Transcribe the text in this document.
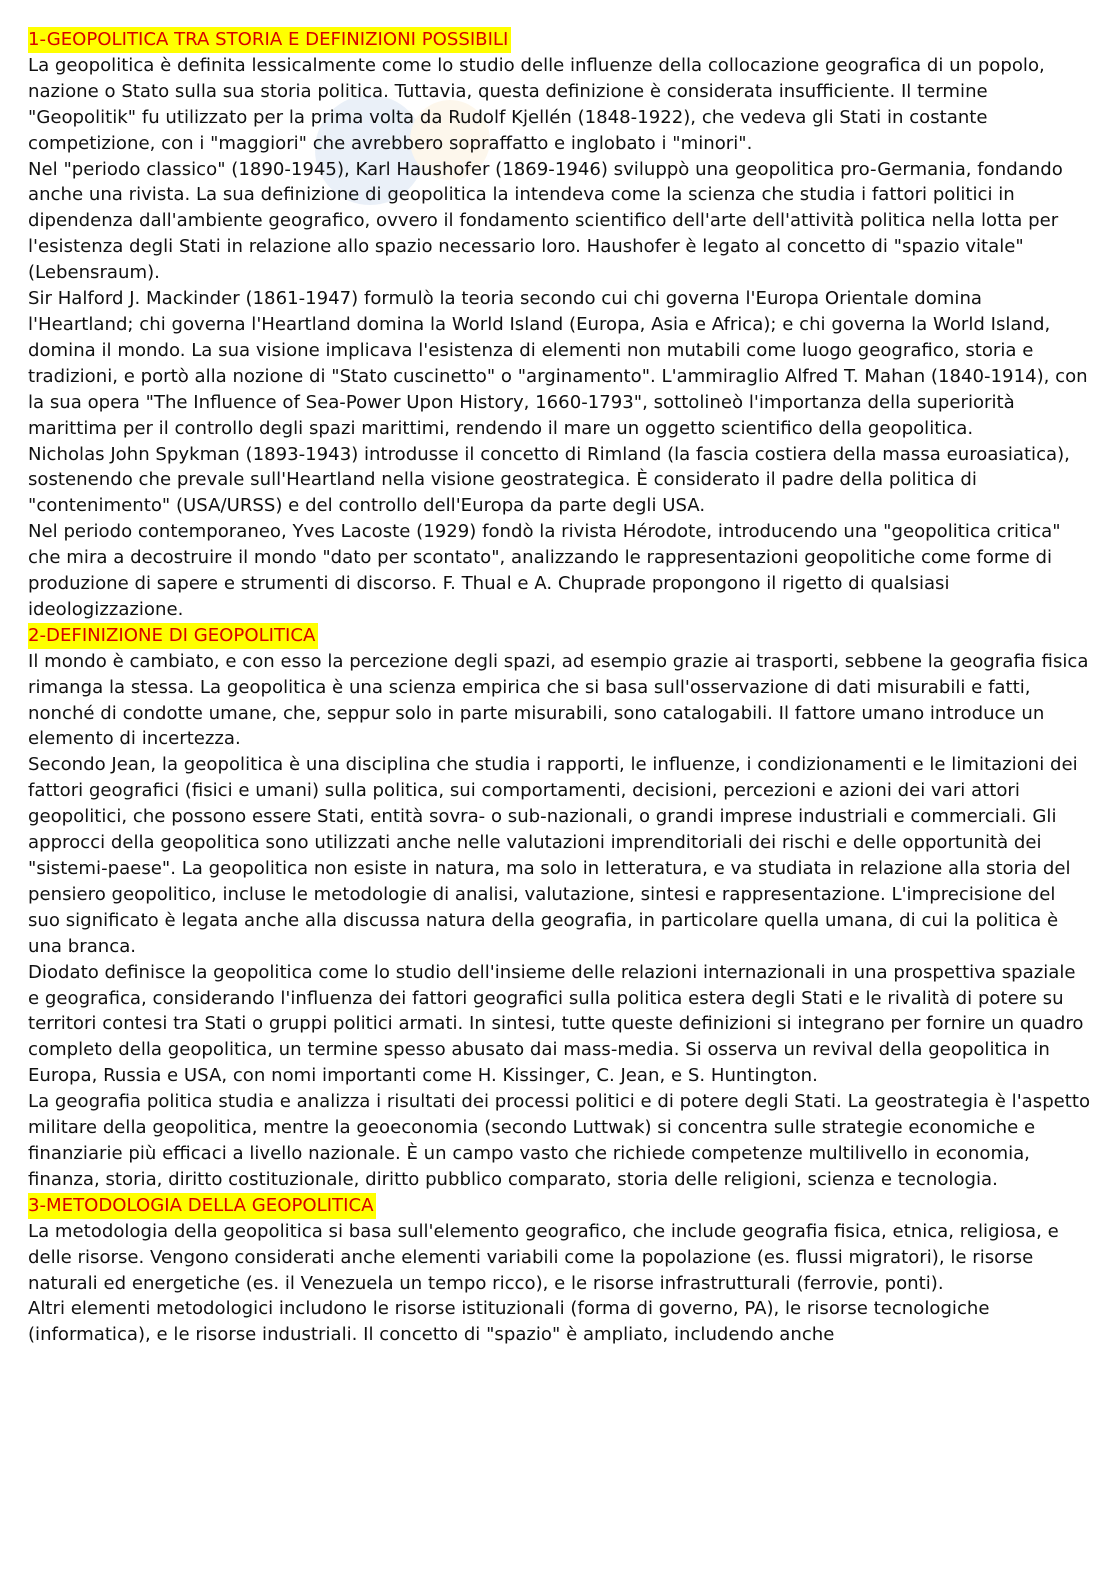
1-GEOPOLITICA TRA STORIA E DEFINIZIONI POSSIBILI

La geopolitica è definita lessicalmente come lo studio delle influenze della collocazione geografica di un popolo, nazione o Stato sulla sua storia politica. Tuttavia, questa definizione è considerata insufficiente. Il termine "Geopolitik" fu utilizzato per la prima volta da Rudolf Kjellén (1848-1922), che vedeva gli Stati in costante competizione, con i "maggiori" che avrebbero sopraffatto e inglobato i "minori".

Nel "periodo classico" (1890-1945), Karl Haushofer (1869-1946) sviluppò una geopolitica pro-Germania, fondando anche una rivista. La sua definizione di geopolitica la intendeva come la scienza che studia i fattori politici in dipendenza dall'ambiente geografico, ovvero il fondamento scientifico dell'arte dell'attività politica nella lotta per l'esistenza degli Stati in relazione allo spazio necessario loro. Haushofer è legato al concetto di "spazio vitale" (Lebensraum).

Sir Halford J. Mackinder (1861-1947) formulò la teoria secondo cui chi governa l'Europa Orientale domina l'Heartland; chi governa l'Heartland domina la World Island (Europa, Asia e Africa); e chi governa la World Island, domina il mondo. La sua visione implicava l'esistenza di elementi non mutabili come luogo geografico, storia e tradizioni, e portò alla nozione di "Stato cuscinetto" o "arginamento". L'ammiraglio Alfred T. Mahan (1840-1914), con la sua opera "The Influence of Sea-Power Upon History, 1660-1793", sottolineò l'importanza della superiorità marittima per il controllo degli spazi marittimi, rendendo il mare un oggetto scientifico della geopolitica.

Nicholas John Spykman (1893-1943) introdusse il concetto di Rimland (la fascia costiera della massa euroasiatica), sostenendo che prevale sull'Heartland nella visione geostrategica. È considerato il padre della politica di "contenimento" (USA/URSS) e del controllo dell'Europa da parte degli USA.

Nel periodo contemporaneo, Yves Lacoste (1929) fondò la rivista Hérodote, introducendo una "geopolitica critica" che mira a decostruire il mondo "dato per scontato", analizzando le rappresentazioni geopolitiche come forme di produzione di sapere e strumenti di discorso. F. Thual e A. Chuprade propongono il rigetto di qualsiasi ideologizzazione.

2-DEFINIZIONE DI GEOPOLITICA

Il mondo è cambiato, e con esso la percezione degli spazi, ad esempio grazie ai trasporti, sebbene la geografia fisica rimanga la stessa. La geopolitica è una scienza empirica che si basa sull'osservazione di dati misurabili e fatti, nonché di condotte umane, che, seppur solo in parte misurabili, sono catalogabili. Il fattore umano introduce un elemento di incertezza.

Secondo Jean, la geopolitica è una disciplina che studia i rapporti, le influenze, i condizionamenti e le limitazioni dei fattori geografici (fisici e umani) sulla politica, sui comportamenti, decisioni, percezioni e azioni dei vari attori geopolitici, che possono essere Stati, entità sovra- o sub-nazionali, o grandi imprese industriali e commerciali. Gli approcci della geopolitica sono utilizzati anche nelle valutazioni imprenditoriali dei rischi e delle opportunità dei "sistemi-paese". La geopolitica non esiste in natura, ma solo in letteratura, e va studiata in relazione alla storia del pensiero geopolitico, incluse le metodologie di analisi, valutazione, sintesi e rappresentazione. L'imprecisione del suo significato è legata anche alla discussa natura della geografia, in particolare quella umana, di cui la politica è una branca.

Diodato definisce la geopolitica come lo studio dell'insieme delle relazioni internazionali in una prospettiva spaziale e geografica, considerando l'influenza dei fattori geografici sulla politica estera degli Stati e le rivalità di potere su territori contesi tra Stati o gruppi politici armati. In sintesi, tutte queste definizioni si integrano per fornire un quadro completo della geopolitica, un termine spesso abusato dai mass-media. Si osserva un revival della geopolitica in Europa, Russia e USA, con nomi importanti come H. Kissinger, C. Jean, e S. Huntington.

La geografia politica studia e analizza i risultati dei processi politici e di potere degli Stati. La geostrategia è l'aspetto militare della geopolitica, mentre la geoeconomia (secondo Luttwak) si concentra sulle strategie economiche e finanziarie più efficaci a livello nazionale. È un campo vasto che richiede competenze multilivello in economia, finanza, storia, diritto costituzionale, diritto pubblico comparato, storia delle religioni, scienza e tecnologia.

3-METODOLOGIA DELLA GEOPOLITICA

La metodologia della geopolitica si basa sull'elemento geografico, che include geografia fisica, etnica, religiosa, e delle risorse. Vengono considerati anche elementi variabili come la popolazione (es. flussi migratori), le risorse naturali ed energetiche (es. il Venezuela un tempo ricco), e le risorse infrastrutturali (ferrovie, ponti).

Altri elementi metodologici includono le risorse istituzionali (forma di governo, PA), le risorse tecnologiche (informatica), e le risorse industriali. Il concetto di "spazio" è ampliato, includendo anche
